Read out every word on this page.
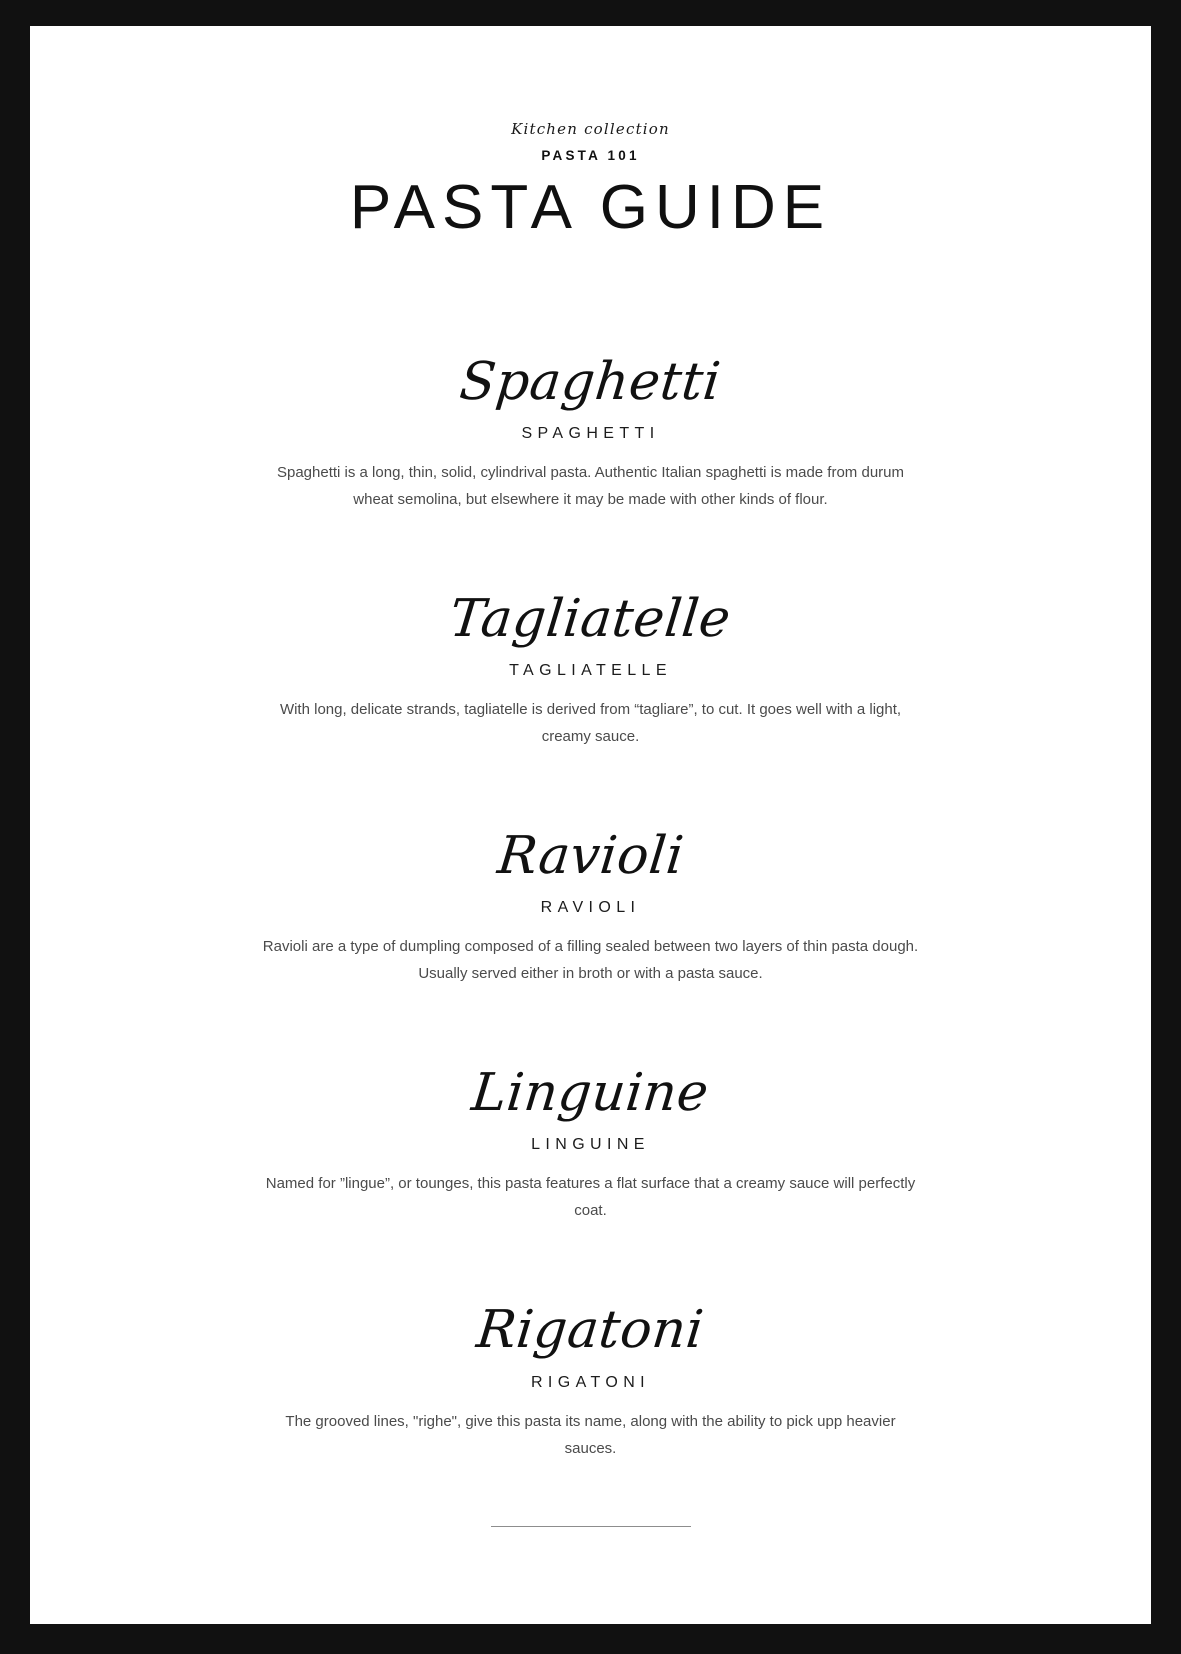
Kitchen collection
PASTA 101
PASTA GUIDE
Spaghetti
SPAGHETTI
Spaghetti is a long, thin, solid, cylindrival pasta. Authentic Italian spaghetti is made from durum wheat semolina, but elsewhere it may be made with other kinds of flour.
Tagliatelle
TAGLIATELLE
With long, delicate strands, tagliatelle is derived from “tagliare”, to cut. It goes well with a light, creamy sauce.
Ravioli
RAVIOLI
Ravioli are a type of dumpling composed of a filling sealed between two layers of thin pasta dough. Usually served either in broth or with a pasta sauce.
Linguine
LINGUINE
Named for ”lingue”, or tounges, this pasta features a flat surface that a creamy sauce will perfectly coat.
Rigatoni
RIGATONI
The grooved lines, "righe", give this pasta its name, along with the ability to pick upp heavier sauces.
